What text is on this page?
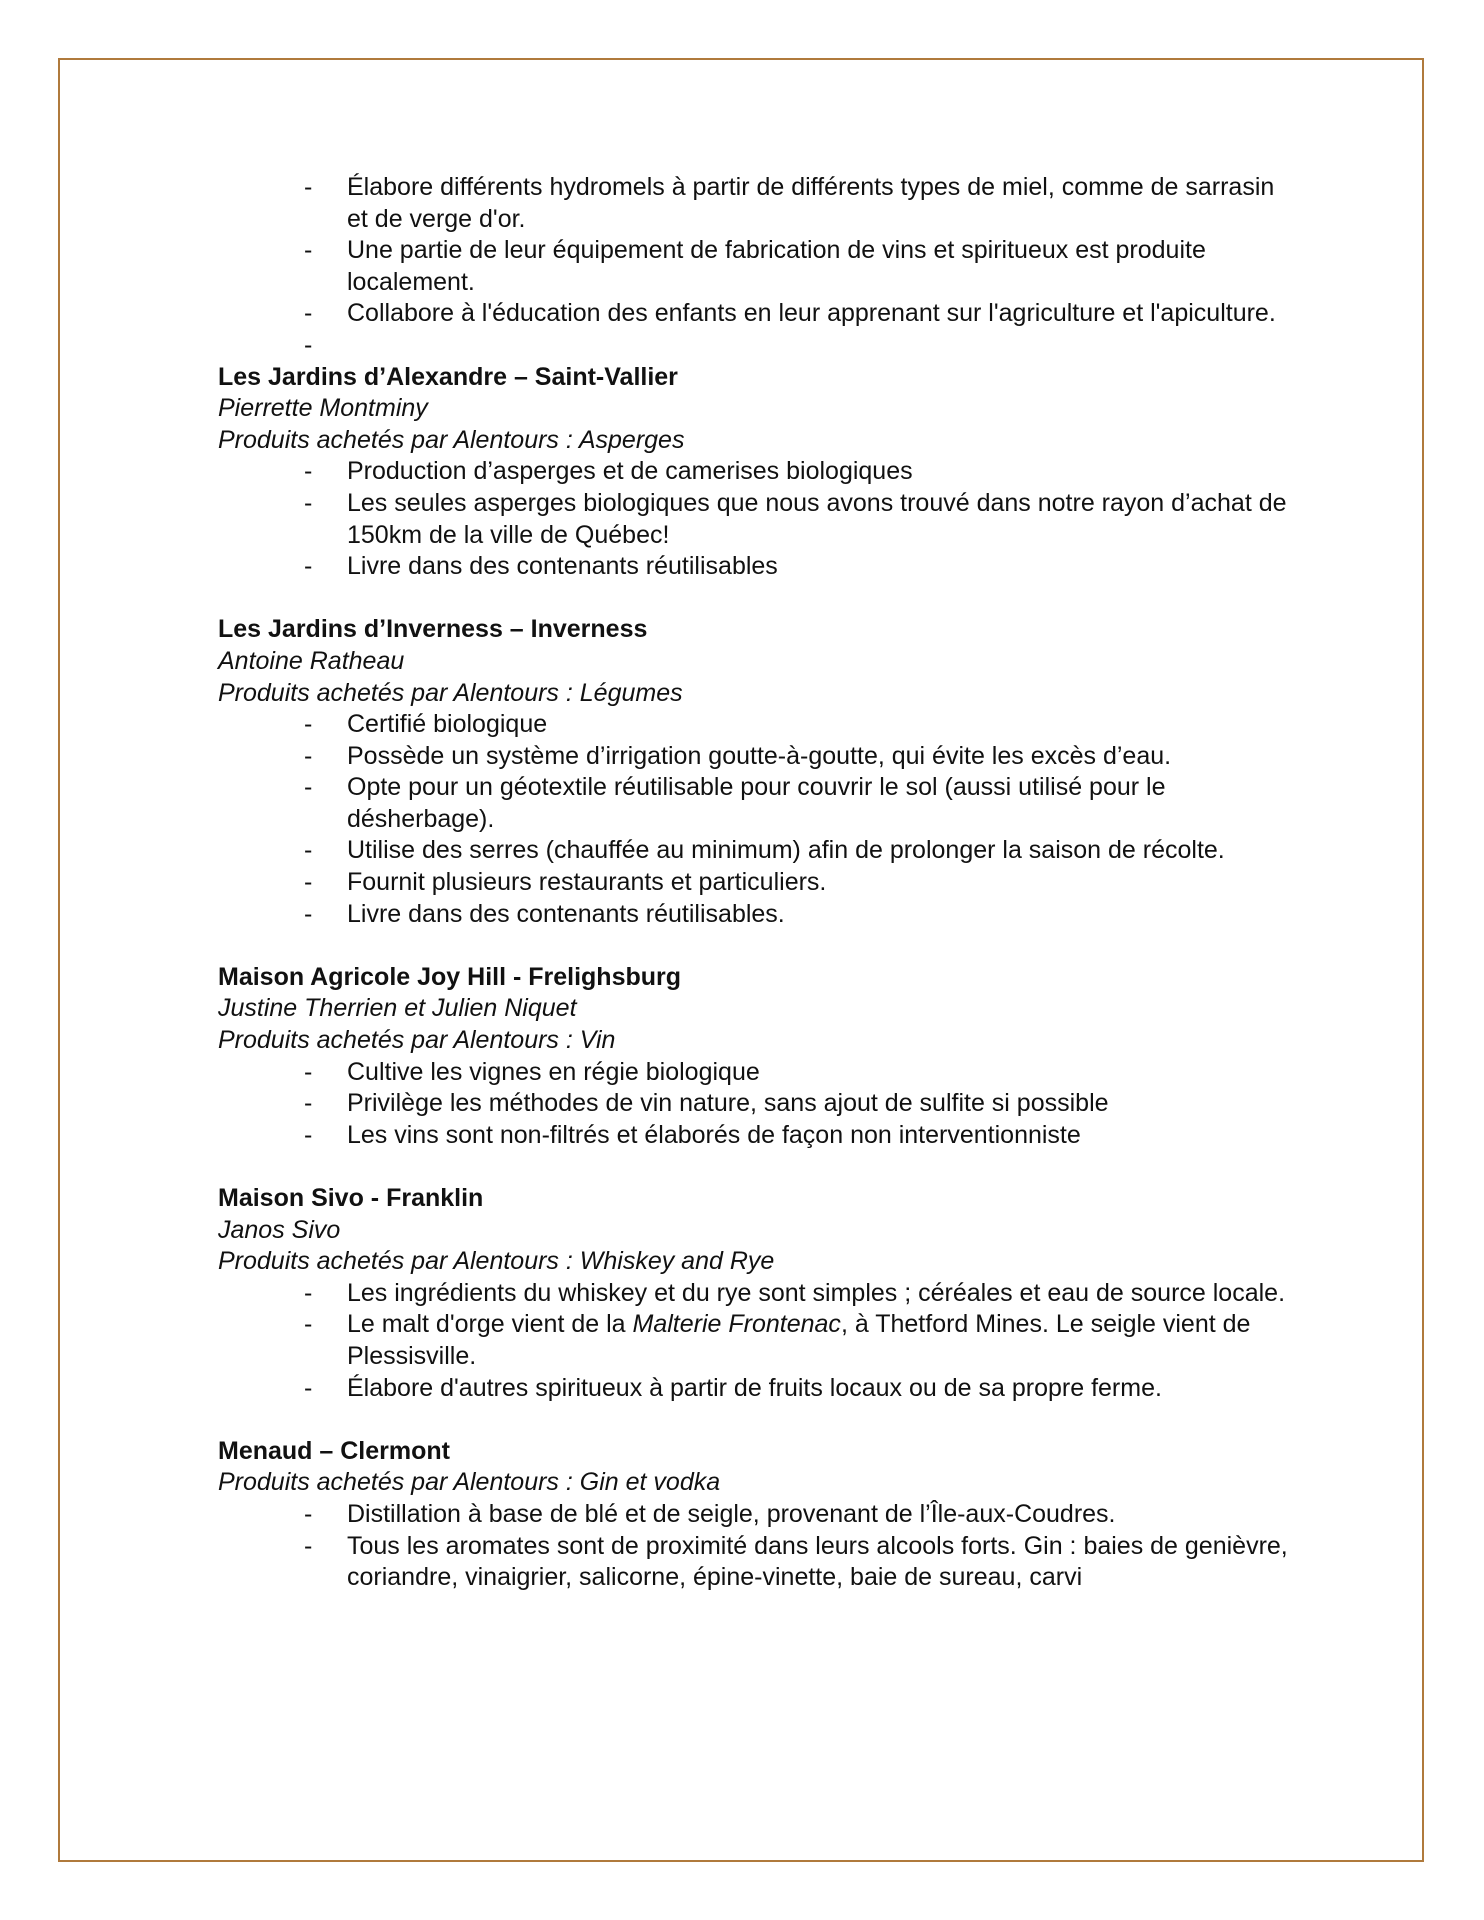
- Élabore différents hydromels à partir de différents types de miel, comme de sarrasin et de verge d'or.
- Une partie de leur équipement de fabrication de vins et spiritueux est produite localement.
- Collabore à l'éducation des enfants en leur apprenant sur l'agriculture et l'apiculture.
-

Les Jardins d’Alexandre – Saint-Vallier
Pierrette Montminy
Produits achetés par Alentours : Asperges
- Production d’asperges et de camerises biologiques
- Les seules asperges biologiques que nous avons trouvé dans notre rayon d’achat de 150km de la ville de Québec!
- Livre dans des contenants réutilisables
Les Jardins d’Inverness – Inverness
Antoine Ratheau
Produits achetés par Alentours : Légumes
- Certifié biologique
- Possède un système d’irrigation goutte-à-goutte, qui évite les excès d’eau.
- Opte pour un géotextile réutilisable pour couvrir le sol (aussi utilisé pour le désherbage).
- Utilise des serres (chauffée au minimum) afin de prolonger la saison de récolte.
- Fournit plusieurs restaurants et particuliers.
- Livre dans des contenants réutilisables.
Maison Agricole Joy Hill - Frelighsburg
Justine Therrien et Julien Niquet
Produits achetés par Alentours : Vin
- Cultive les vignes en régie biologique
- Privilège les méthodes de vin nature, sans ajout de sulfite si possible
- Les vins sont non-filtrés et élaborés de façon non interventionniste
Maison Sivo - Franklin
Janos Sivo
Produits achetés par Alentours : Whiskey and Rye
- Les ingrédients du whiskey et du rye sont simples ; céréales et eau de source locale.
- Le malt d'orge vient de la Malterie Frontenac, à Thetford Mines. Le seigle vient de Plessisville.
- Élabore d'autres spiritueux à partir de fruits locaux ou de sa propre ferme.
Menaud – Clermont
Produits achetés par Alentours : Gin et vodka
- Distillation à base de blé et de seigle, provenant de l’Île-aux-Coudres.
- Tous les aromates sont de proximité dans leurs alcools forts. Gin : baies de genièvre, coriandre, vinaigrier, salicorne, épine-vinette, baie de sureau, carvi
